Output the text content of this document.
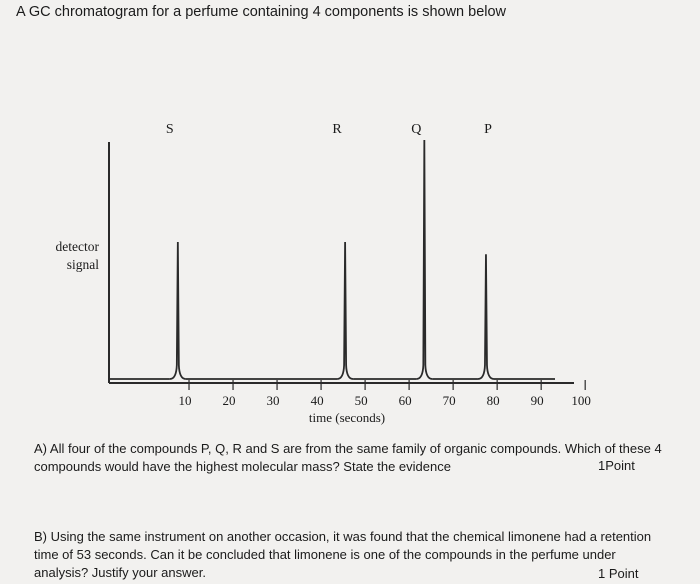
A GC chromatogram for a perfume containing 4 components is shown below
10 20 30 40 50 60 70 80 90 100
S	R	Q	P
detector
signal
time (seconds)
A) All four of the compounds P, Q, R and S are from the same family of organic compounds. Which of these 4 compounds would have the highest molecular mass? State the evidence	1Point
B) Using the same instrument on another occasion, it was found that the chemical limonene had a retention time of 53 seconds. Can it be concluded that limonene is one of the compounds in the perfume under analysis? Justify your answer.	1 Point
